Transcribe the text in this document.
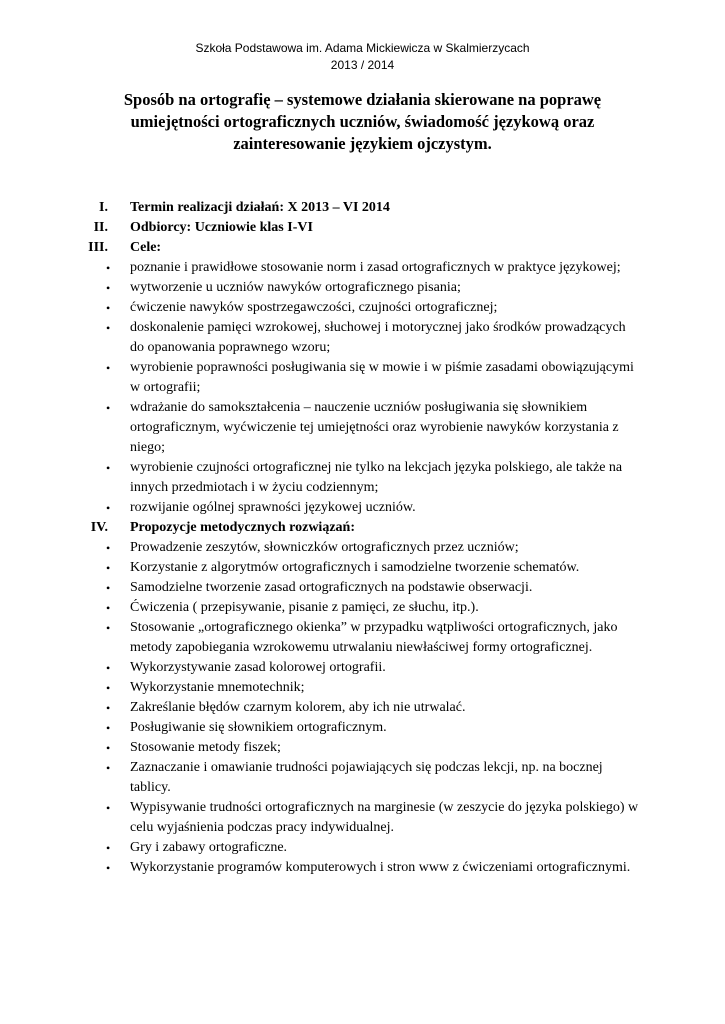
Szkoła Podstawowa im. Adama Mickiewicza w Skalmierzycach
2013 / 2014
Sposób na ortografię – systemowe działania skierowane na poprawę umiejętności ortograficznych uczniów, świadomość językową oraz zainteresowanie językiem ojczystym.
I. Termin realizacji działań: X 2013 – VI 2014
II. Odbiorcy: Uczniowie klas I-VI
III. Cele:
• poznanie i prawidłowe stosowanie norm i zasad ortograficznych w praktyce językowej;
• wytworzenie u uczniów nawyków ortograficznego pisania;
• ćwiczenie nawyków spostrzegawczości, czujności ortograficznej;
• doskonalenie pamięci wzrokowej, słuchowej i motorycznej jako środków prowadzących do opanowania poprawnego wzoru;
• wyrobienie poprawności posługiwania się w mowie i w piśmie zasadami obowiązującymi w ortografii;
• wdrażanie do samokształcenia – nauczenie uczniów posługiwania się słownikiem ortograficznym, wyćwiczenie tej umiejętności oraz wyrobienie nawyków korzystania z niego;
• wyrobienie czujności ortograficznej nie tylko na lekcjach języka polskiego, ale także na innych przedmiotach i w życiu codziennym;
• rozwijanie ogólnej sprawności językowej uczniów.
IV. Propozycje metodycznych rozwiązań:
• Prowadzenie zeszytów, słowniczków ortograficznych przez uczniów;
• Korzystanie z algorytmów ortograficznych i samodzielne tworzenie schematów.
• Samodzielne tworzenie zasad ortograficznych na podstawie obserwacji.
• Ćwiczenia ( przepisywanie, pisanie z pamięci, ze słuchu, itp.).
• Stosowanie „ortograficznego okienka” w przypadku wątpliwości ortograficznych, jako metody zapobiegania wzrokowemu utrwalaniu niewłaściwej formy ortograficznej.
• Wykorzystywanie zasad kolorowej ortografii.
• Wykorzystanie mnemotechnik;
• Zakreślanie błędów czarnym kolorem, aby ich nie utrwalać.
• Posługiwanie się słownikiem ortograficznym.
• Stosowanie metody fiszek;
• Zaznaczanie i omawianie trudności pojawiających się podczas lekcji, np. na bocznej tablicy.
• Wypisywanie trudności ortograficznych na marginesie (w zeszycie do języka polskiego) w celu wyjaśnienia podczas pracy indywidualnej.
• Gry i zabawy ortograficzne.
• Wykorzystanie programów komputerowych i stron www z ćwiczeniami ortograficznymi.
